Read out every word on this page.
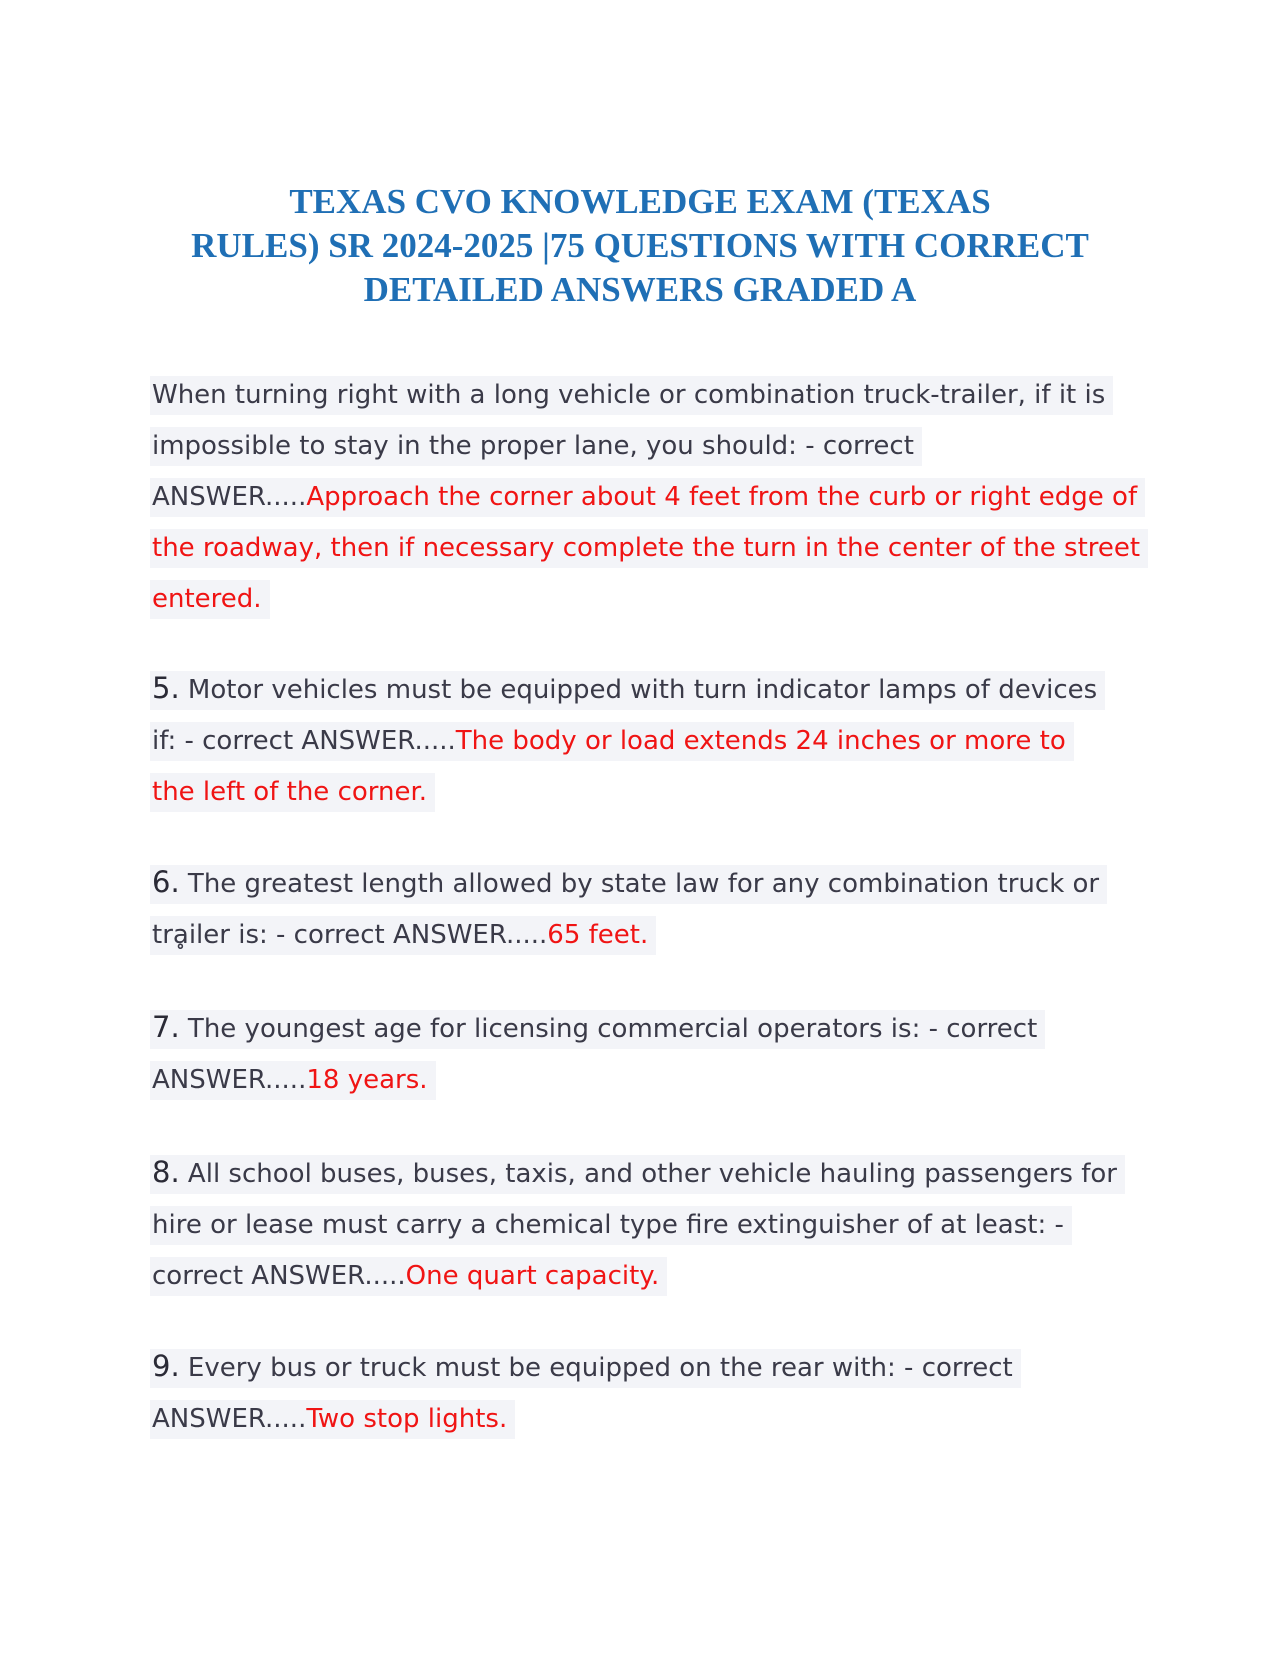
TEXAS CVO KNOWLEDGE EXAM (TEXAS
RULES) SR 2024-2025 |75 QUESTIONS WITH CORRECT
DETAILED ANSWERS GRADED A
When turning right with a long vehicle or combination truck-trailer, if it is
impossible to stay in the proper lane, you should: - correct
ANSWER.....Approach the corner about 4 feet from the curb or right edge of
the roadway, then if necessary complete the turn in the center of the street
entered.
5. Motor vehicles must be equipped with turn indicator lamps of devices
if: - correct ANSWER.....The body or load extends 24 inches or more to
the left of the corner.
6. The greatest length allowed by state law for any combination truck or
trḁiler is: - correct ANSWER.....65 feet.
7. The youngest age for licensing commercial operators is: - correct
ANSWER.....18 years.
8. All school buses, buses, taxis, and other vehicle hauling passengers for
hire or lease must carry a chemical type fire extinguisher of at least: -
correct ANSWER.....One quart capacity.
9. Every bus or truck must be equipped on the rear with: - correct
ANSWER.....Two stop lights.
